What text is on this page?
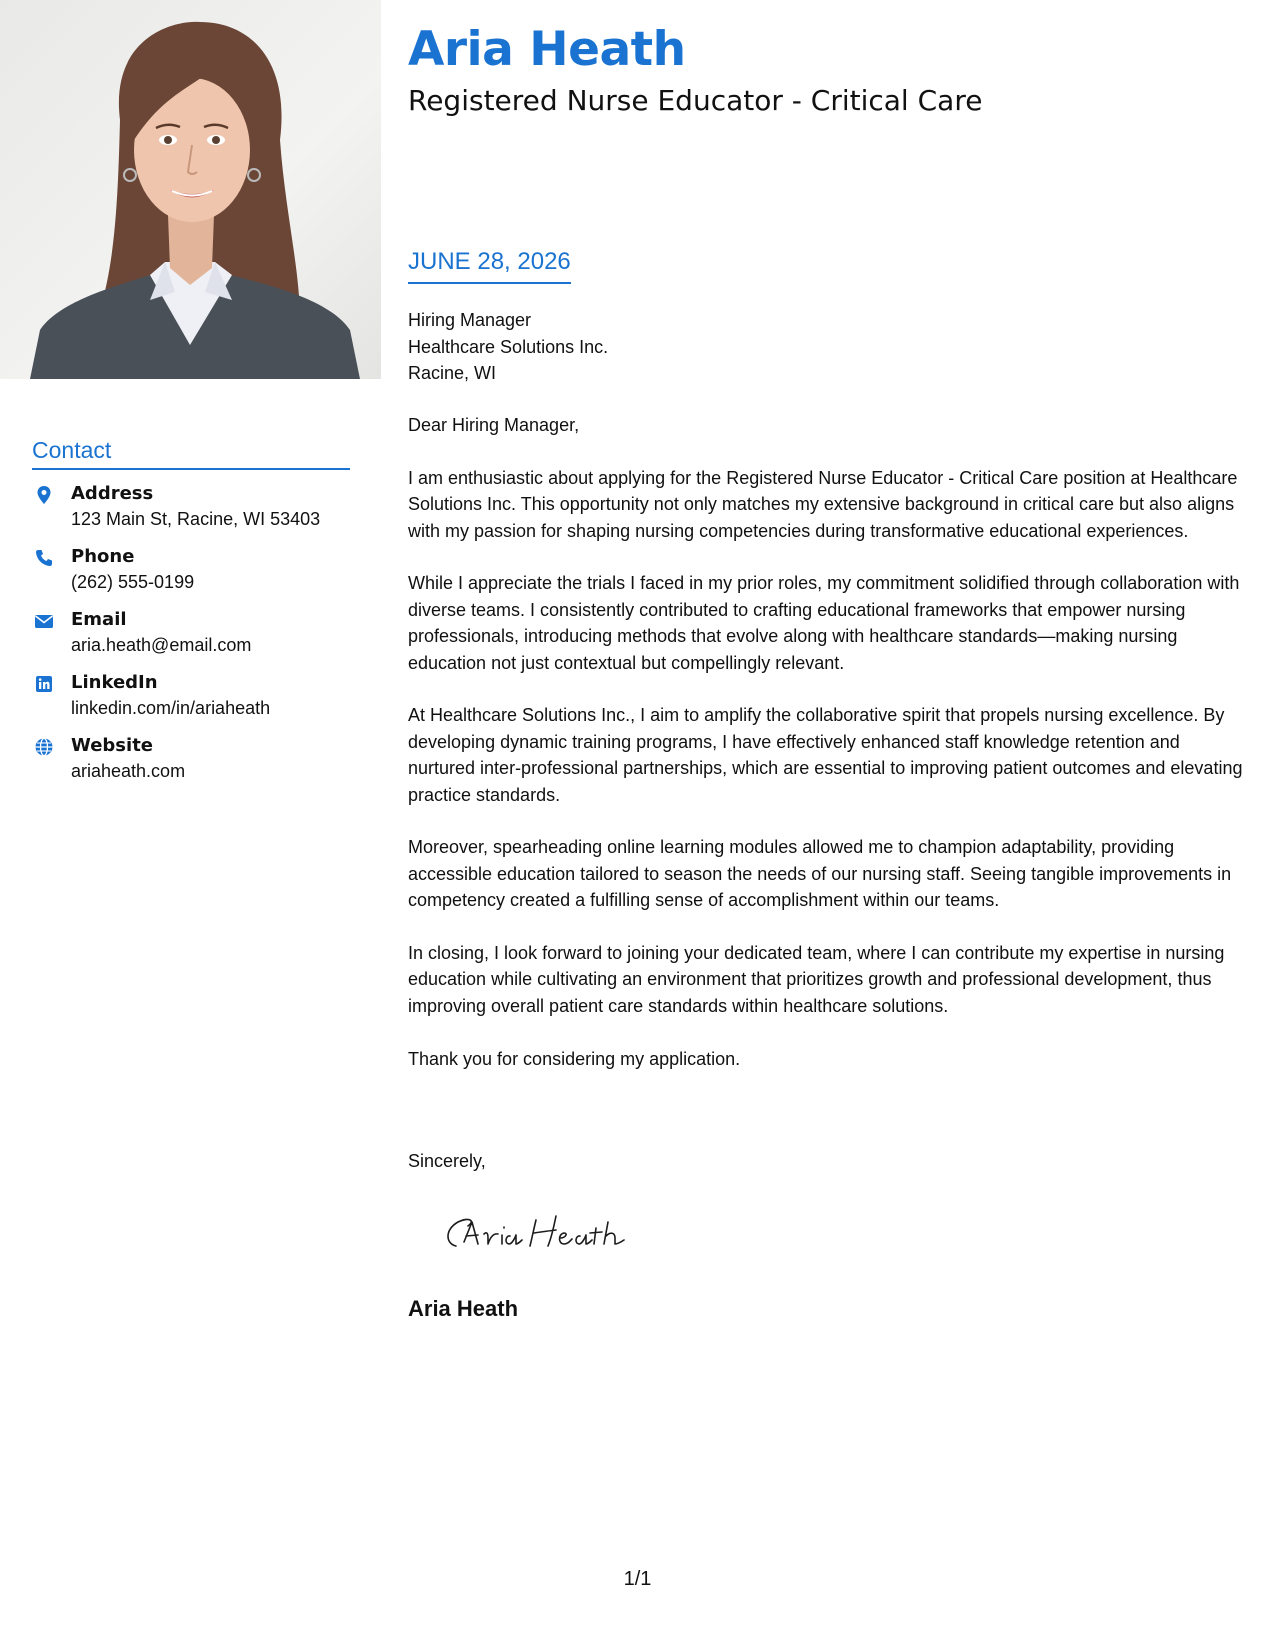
Aria Heath
Registered Nurse Educator - Critical Care
Contact
Address
123 Main St, Racine, WI 53403
Phone
(262) 555-0199
Email
aria.heath@email.com
LinkedIn
linkedin.com/in/ariaheath
Website
ariaheath.com
JUNE 28, 2026
Hiring Manager
Healthcare Solutions Inc.
Racine, WI

Dear Hiring Manager,

I am enthusiastic about applying for the Registered Nurse Educator - Critical Care position at Healthcare Solutions Inc. This opportunity not only matches my extensive background in critical care but also aligns with my passion for shaping nursing competencies during transformative educational experiences.

While I appreciate the trials I faced in my prior roles, my commitment solidified through collaboration with diverse teams. I consistently contributed to crafting educational frameworks that empower nursing professionals, introducing methods that evolve along with healthcare standards—making nursing education not just contextual but compellingly relevant.

At Healthcare Solutions Inc., I aim to amplify the collaborative spirit that propels nursing excellence. By developing dynamic training programs, I have effectively enhanced staff knowledge retention and nurtured inter-professional partnerships, which are essential to improving patient outcomes and elevating practice standards.

Moreover, spearheading online learning modules allowed me to champion adaptability, providing accessible education tailored to season the needs of our nursing staff. Seeing tangible improvements in competency created a fulfilling sense of accomplishment within our teams.

In closing, I look forward to joining your dedicated team, where I can contribute my expertise in nursing education while cultivating an environment that prioritizes growth and professional development, thus improving overall patient care standards within healthcare solutions.

Thank you for considering my application.

Sincerely,
Aria Heath
1/1
